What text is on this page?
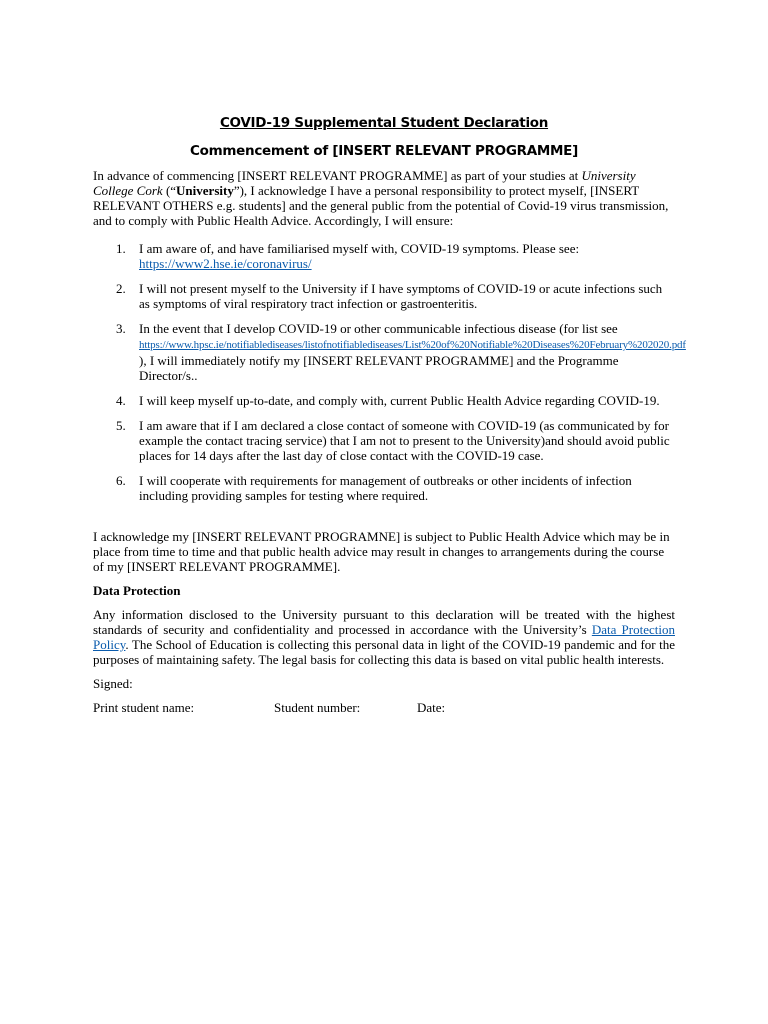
COVID-19 Supplemental Student Declaration
Commencement of [INSERT RELEVANT PROGRAMME]

In advance of commencing [INSERT RELEVANT PROGRAMME] as part of your studies at University College Cork (“University”), I acknowledge I have a personal responsibility to protect myself, [INSERT RELEVANT OTHERS e.g. students] and the general public from the potential of Covid-19 virus transmission, and to comply with Public Health Advice. Accordingly, I will ensure:

1. I am aware of, and have familiarised myself with, COVID-19 symptoms. Please see: https://www2.hse.ie/coronavirus/
2. I will not present myself to the University if I have symptoms of COVID-19 or acute infections such as symptoms of viral respiratory tract infection or gastroenteritis.
3. In the event that I develop COVID-19 or other communicable infectious disease (for list see https://www.hpsc.ie/notifiablediseases/listofnotifiablediseases/List%20of%20Notifiable%20Diseases%20February%202020.pdf ), I will immediately notify my [INSERT RELEVANT PROGRAMME] and the Programme Director/s..
4. I will keep myself up-to-date, and comply with, current Public Health Advice regarding COVID-19.
5. I am aware that if I am declared a close contact of someone with COVID-19 (as communicated by for example the contact tracing service) that I am not to present to the University)and should avoid public places for 14 days after the last day of close contact with the COVID-19 case.
6. I will cooperate with requirements for management of outbreaks or other incidents of infection including providing samples for testing where required.

I acknowledge my [INSERT RELEVANT PROGRAMNE] is subject to Public Health Advice which may be in place from time to time and that public health advice may result in changes to arrangements during the course of my [INSERT RELEVANT PROGRAMME].

Data Protection

Any information disclosed to the University pursuant to this declaration will be treated with the highest standards of security and confidentiality and processed in accordance with the University’s Data Protection Policy. The School of Education is collecting this personal data in light of the COVID-19 pandemic and for the purposes of maintaining safety. The legal basis for collecting this data is based on vital public health interests.

Signed:

Print student name:	Student number:	Date:
